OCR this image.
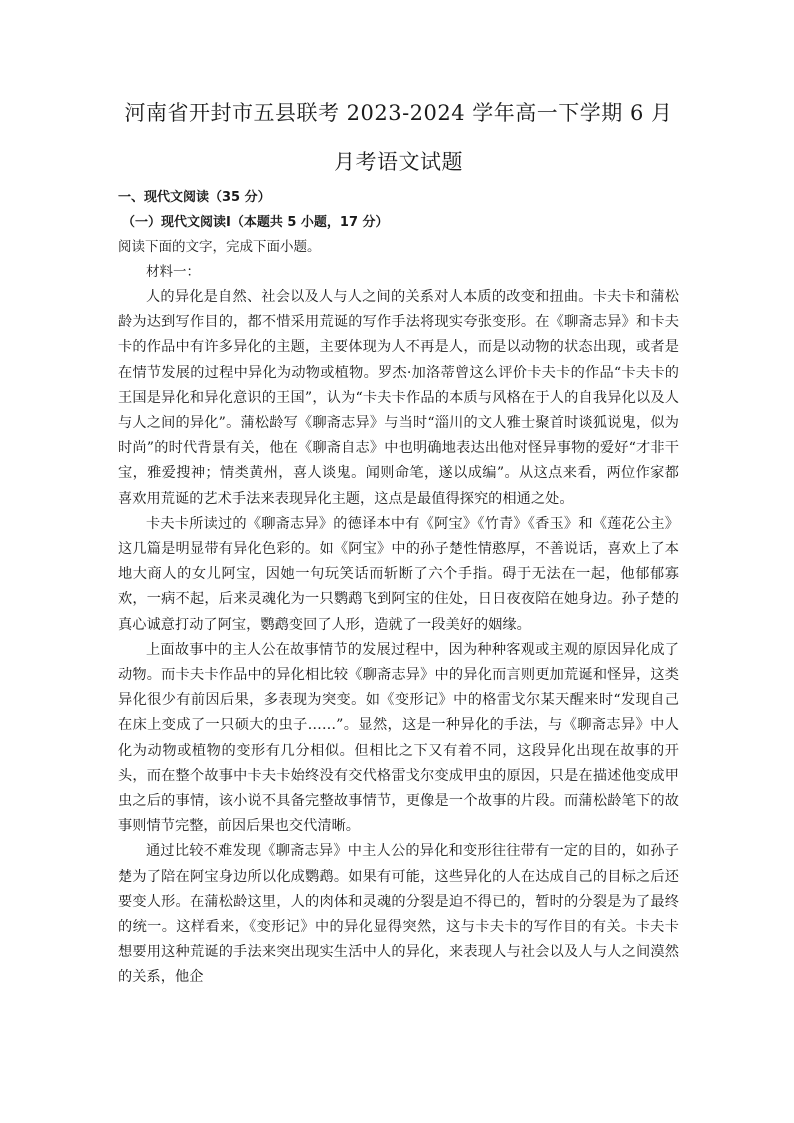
河南省开封市五县联考 2023-2024 学年高一下学期 6 月
月考语文试题

一、现代文阅读（35 分）

（一）现代文阅读Ⅰ（本题共 5 小题，17 分）

阅读下面的文字，完成下面小题。

材料一：

人的异化是自然、社会以及人与人之间的关系对人本质的改变和扭曲。卡夫卡和蒲松龄为达到写作目的，都不惜采用荒诞的写作手法将现实夸张变形。在《聊斋志异》和卡夫卡的作品中有许多异化的主题，主要体现为人不再是人，而是以动物的状态出现，或者是在情节发展的过程中异化为动物或植物。罗杰·加洛蒂曾这么评价卡夫卡的作品“卡夫卡的王国是异化和异化意识的王国”，认为“卡夫卡作品的本质与风格在于人的自我异化以及人与人之间的异化”。蒲松龄写《聊斋志异》与当时“淄川的文人雅士聚首时谈狐说鬼，似为时尚”的时代背景有关，他在《聊斋自志》中也明确地表达出他对怪异事物的爱好“才非干宝，雅爱搜神；情类黄州，喜人谈鬼。闻则命笔，遂以成编”。从这点来看，两位作家都喜欢用荒诞的艺术手法来表现异化主题，这点是最值得探究的相通之处。

卡夫卡所读过的《聊斋志异》的德译本中有《阿宝》《竹青》《香玉》和《莲花公主》这几篇是明显带有异化色彩的。如《阿宝》中的孙子楚性情憨厚，不善说话，喜欢上了本地大商人的女儿阿宝，因她一句玩笑话而斩断了六个手指。碍于无法在一起，他郁郁寡欢，一病不起，后来灵魂化为一只鹦鹉飞到阿宝的住处，日日夜夜陪在她身边。孙子楚的真心诚意打动了阿宝，鹦鹉变回了人形，造就了一段美好的姻缘。

上面故事中的主人公在故事情节的发展过程中，因为种种客观或主观的原因异化成了动物。而卡夫卡作品中的异化相比较《聊斋志异》中的异化而言则更加荒诞和怪异，这类异化很少有前因后果，多表现为突变。如《变形记》中的格雷戈尔某天醒来时“发现自己在床上变成了一只硕大的虫子……”。显然，这是一种异化的手法，与《聊斋志异》中人化为动物或植物的变形有几分相似。但相比之下又有着不同，这段异化出现在故事的开头，而在整个故事中卡夫卡始终没有交代格雷戈尔变成甲虫的原因，只是在描述他变成甲虫之后的事情，该小说不具备完整故事情节，更像是一个故事的片段。而蒲松龄笔下的故事则情节完整，前因后果也交代清晰。

通过比较不难发现《聊斋志异》中主人公的异化和变形往往带有一定的目的，如孙子楚为了陪在阿宝身边所以化成鹦鹉。如果有可能，这些异化的人在达成自己的目标之后还要变人形。在蒲松龄这里，人的肉体和灵魂的分裂是迫不得已的，暂时的分裂是为了最终的统一。这样看来，《变形记》中的异化显得突然，这与卡夫卡的写作目的有关。卡夫卡想要用这种荒诞的手法来突出现实生活中人的异化，来表现人与社会以及人与人之间漠然的关系，他企
